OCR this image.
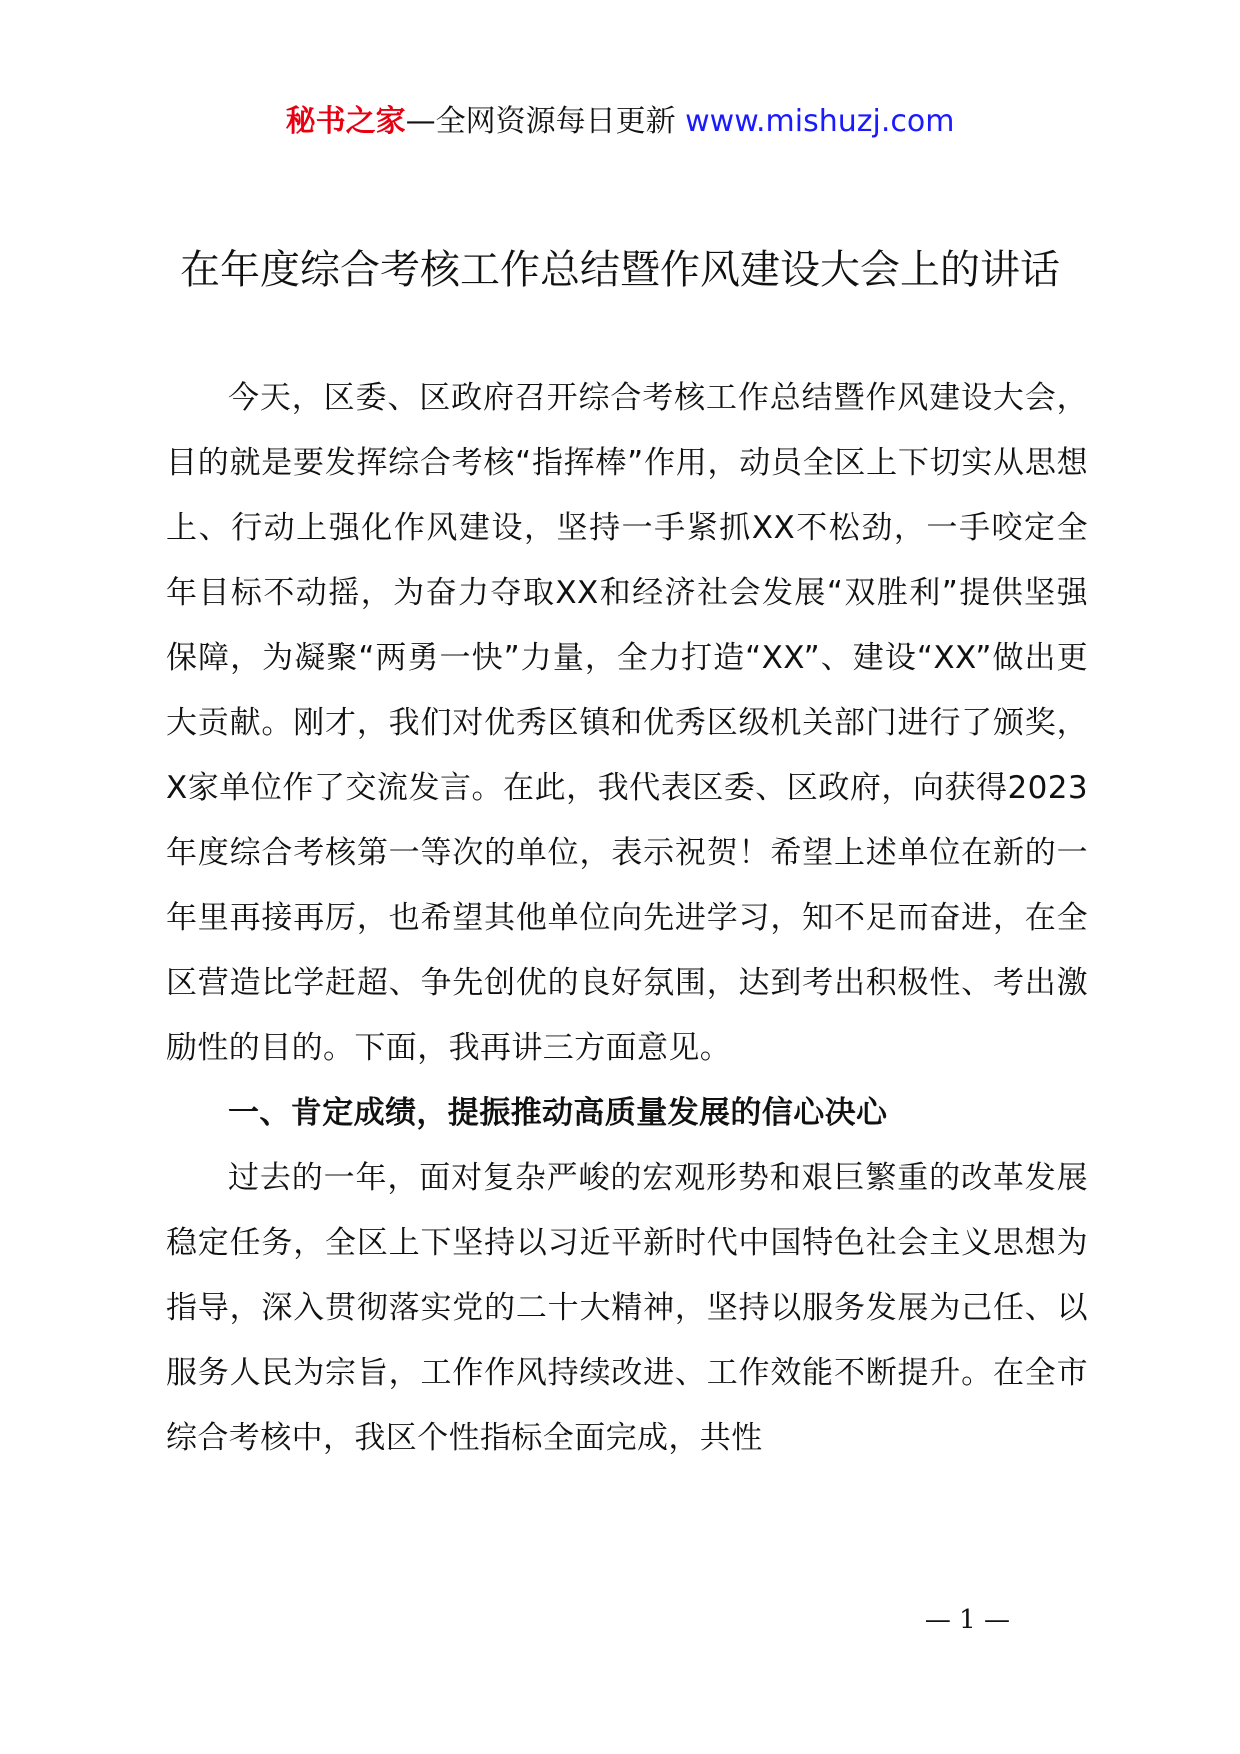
秘书之家—全网资源每日更新 www.mishuzj.com
在年度综合考核工作总结暨作风建设大会上的讲话

今天，区委、区政府召开综合考核工作总结暨作风建设大会，目的就是要发挥综合考核“指挥棒”作用，动员全区上下切实从思想上、行动上强化作风建设，坚持一手紧抓XX不松劲，一手咬定全年目标不动摇，为奋力夺取XX和经济社会发展“双胜利”提供坚强保障，为凝聚“两勇一快”力量，全力打造“XX”、建设“XX”做出更大贡献。刚才，我们对优秀区镇和优秀区级机关部门进行了颁奖，X家单位作了交流发言。在此，我代表区委、区政府，向获得2023年度综合考核第一等次的单位，表示祝贺！希望上述单位在新的一年里再接再厉，也希望其他单位向先进学习，知不足而奋进，在全区营造比学赶超、争先创优的良好氛围，达到考出积极性、考出激励性的目的。下面，我再讲三方面意见。

一、肯定成绩，提振推动高质量发展的信心决心

过去的一年，面对复杂严峻的宏观形势和艰巨繁重的改革发展稳定任务，全区上下坚持以习近平新时代中国特色社会主义思想为指导，深入贯彻落实党的二十大精神，坚持以服务发展为己任、以服务人民为宗旨，工作作风持续改进、工作效能不断提升。在全市综合考核中，我区个性指标全面完成，共性

— 1 —
